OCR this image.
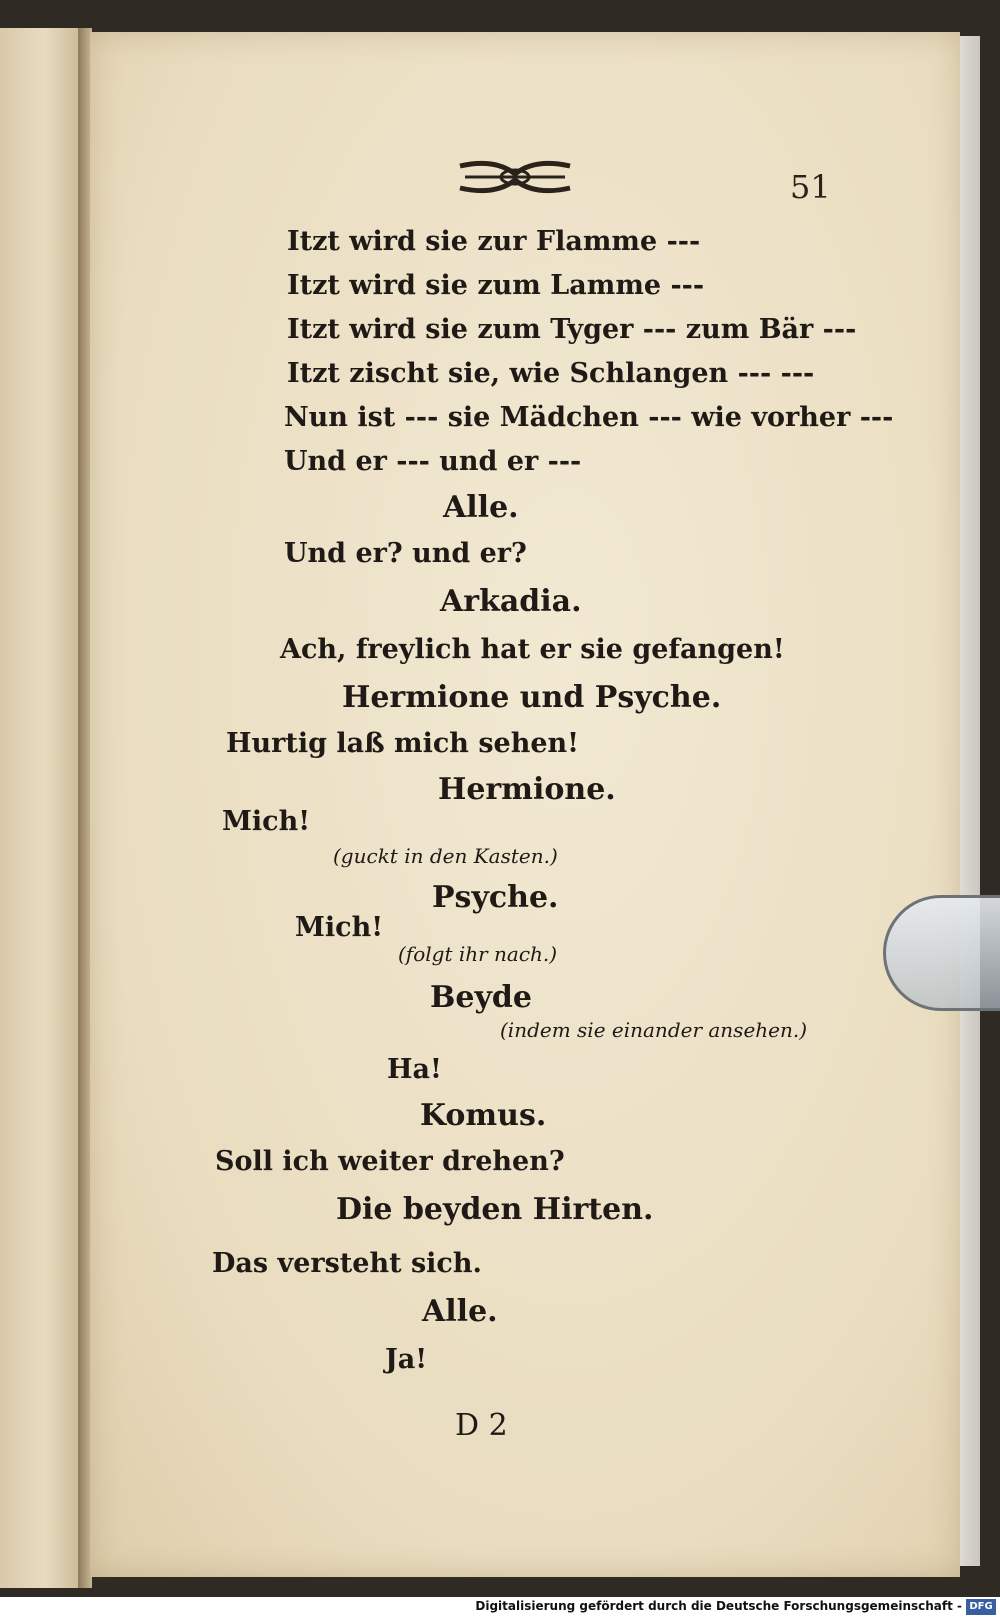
51
Itzt wird sie zur Flamme ---
Itzt wird sie zum Lamme ---
Itzt wird sie zum Tyger --- zum Bär ---
Itzt zischt sie, wie Schlangen --- ---
Nun ist --- sie Mädchen --- wie vorher ---
Und er --- und er ---
Alle.
Und er? und er?
Arkadia.
Ach, freylich hat er sie gefangen!
Hermione und Psyche.
Hurtig laß mich sehen!
Hermione.
Mich!
(guckt in den Kasten.)
Psyche.
Mich!
(folgt ihr nach.)
Beyde
(indem sie einander ansehen.)
Ha!
Komus.
Soll ich weiter drehen?
Die beyden Hirten.
Das versteht sich.
Alle.
Ja!
D 2
Digitalisierung gefördert durch die Deutsche Forschungsgemeinschaft - DFG
